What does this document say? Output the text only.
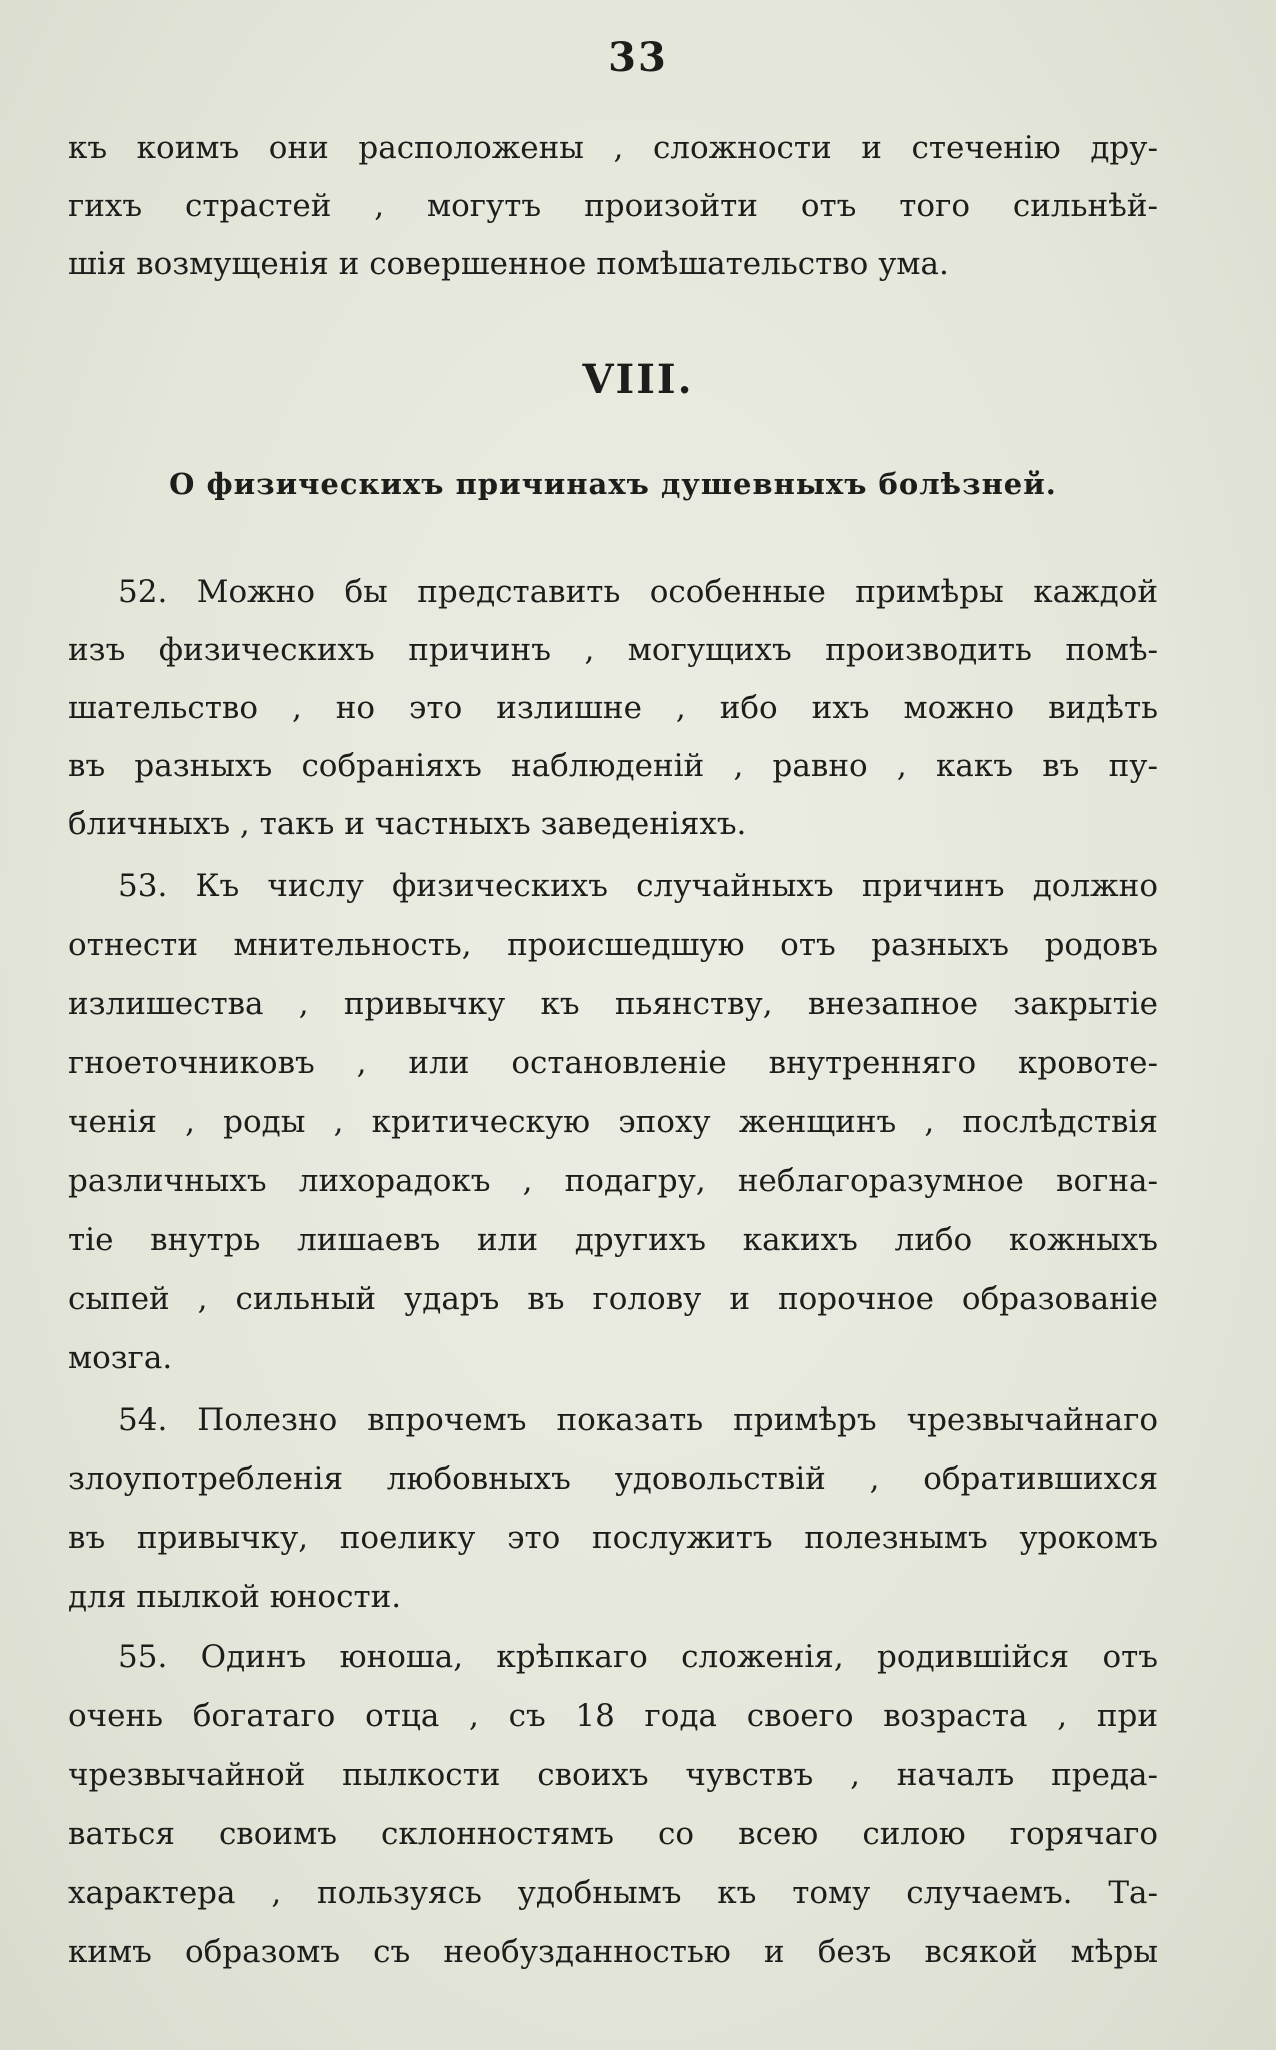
33
къ коимъ они расположены , сложности и стеченію дру-
гихъ страстей , могутъ произойти отъ того сильнѣй-
шія возмущенія и совершенное помѣшательство ума.
VIII.
О физическихъ причинахъ душевныхъ болѣзней.
52. Можно бы представить особенные примѣры каждой
изъ физическихъ причинъ , могущихъ производить помѣ-
шательство , но это излишне , ибо ихъ можно видѣть
въ разныхъ собраніяхъ наблюденій , равно , какъ въ пу-
бличныхъ , такъ и частныхъ заведеніяхъ.
53. Къ числу физическихъ случайныхъ причинъ должно
отнести мнительность, происшедшую отъ разныхъ родовъ
излишества , привычку къ пьянству, внезапное закрытіе
гноеточниковъ , или остановленіе внутренняго кровоте-
ченія , роды , критическую эпоху женщинъ , послѣдствія
различныхъ лихорадокъ , подагру, неблагоразумное вогна-
тіе внутрь лишаевъ или другихъ какихъ либо кожныхъ
сыпей , сильный ударъ въ голову и порочное образованіе
мозга.
54. Полезно впрочемъ показать примѣръ чрезвычайнаго
злоупотребленія любовныхъ удовольствій , обратившихся
въ привычку, поелику это послужитъ полезнымъ урокомъ
для пылкой юности.
55. Одинъ юноша, крѣпкаго сложенія, родившійся отъ
очень богатаго отца , съ 18 года своего возраста , при
чрезвычайной пылкости своихъ чувствъ , началъ преда-
ваться своимъ склонностямъ со всею силою горячаго
характера , пользуясь удобнымъ къ тому случаемъ. Та-
кимъ образомъ съ необузданностью и безъ всякой мѣры
